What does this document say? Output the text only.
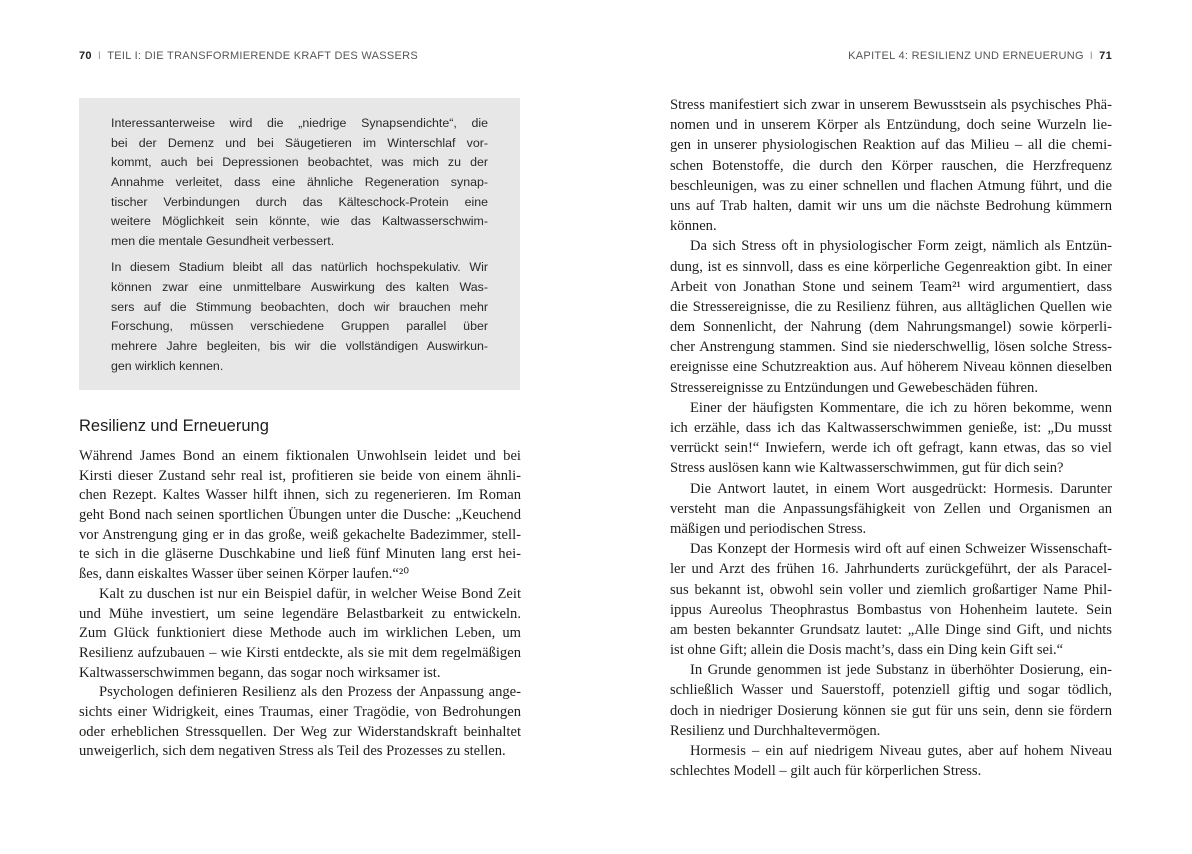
70 I TEIL I: DIE TRANSFORMIERENDE KRAFT DES WASSERS	KAPITEL 4: RESILIENZ UND ERNEUERUNG I 71
Interessanterweise wird die „niedrige Synapsendichte“, die
bei der Demenz und bei Säugetieren im Winterschlaf vor-
kommt, auch bei Depressionen beobachtet, was mich zu der
Annahme verleitet, dass eine ähnliche Regeneration synap-
tischer Verbindungen durch das Kälteschock-Protein eine
weitere Möglichkeit sein könnte, wie das Kaltwasserschwim-
men die mentale Gesundheit verbessert.
In diesem Stadium bleibt all das natürlich hochspekulativ. Wir
können zwar eine unmittelbare Auswirkung des kalten Was-
sers auf die Stimmung beobachten, doch wir brauchen mehr
Forschung, müssen verschiedene Gruppen parallel über
mehrere Jahre begleiten, bis wir die vollständigen Auswirkun-
gen wirklich kennen.
Resilienz und Erneuerung
Während James Bond an einem fiktionalen Unwohlsein leidet und bei
Kirsti dieser Zustand sehr real ist, profitieren sie beide von einem ähnli-
chen Rezept. Kaltes Wasser hilft ihnen, sich zu regenerieren. Im Roman
geht Bond nach seinen sportlichen Übungen unter die Dusche: „Keuchend
vor Anstrengung ging er in das große, weiß gekachelte Badezimmer, stell-
te sich in die gläserne Duschkabine und ließ fünf Minuten lang erst hei-
ßes, dann eiskaltes Wasser über seinen Körper laufen.“²⁰
Kalt zu duschen ist nur ein Beispiel dafür, in welcher Weise Bond Zeit
und Mühe investiert, um seine legendäre Belastbarkeit zu entwickeln.
Zum Glück funktioniert diese Methode auch im wirklichen Leben, um
Resilienz aufzubauen – wie Kirsti entdeckte, als sie mit dem regelmäßigen
Kaltwasserschwimmen begann, das sogar noch wirksamer ist.
Psychologen definieren Resilienz als den Prozess der Anpassung ange-
sichts einer Widrigkeit, eines Traumas, einer Tragödie, von Bedrohungen
oder erheblichen Stressquellen. Der Weg zur Widerstandskraft beinhaltet
unweigerlich, sich dem negativen Stress als Teil des Prozesses zu stellen.
Stress manifestiert sich zwar in unserem Bewusstsein als psychisches Phä-
nomen und in unserem Körper als Entzündung, doch seine Wurzeln lie-
gen in unserer physiologischen Reaktion auf das Milieu – all die chemi-
schen Botenstoffe, die durch den Körper rauschen, die Herzfrequenz
beschleunigen, was zu einer schnellen und flachen Atmung führt, und die
uns auf Trab halten, damit wir uns um die nächste Bedrohung kümmern
können.
Da sich Stress oft in physiologischer Form zeigt, nämlich als Entzün-
dung, ist es sinnvoll, dass es eine körperliche Gegenreaktion gibt. In einer
Arbeit von Jonathan Stone und seinem Team²¹ wird argumentiert, dass
die Stressereignisse, die zu Resilienz führen, aus alltäglichen Quellen wie
dem Sonnenlicht, der Nahrung (dem Nahrungsmangel) sowie körperli-
cher Anstrengung stammen. Sind sie niederschwellig, lösen solche Stress-
ereignisse eine Schutzreaktion aus. Auf höherem Niveau können dieselben
Stressereignisse zu Entzündungen und Gewebeschäden führen.
Einer der häufigsten Kommentare, die ich zu hören bekomme, wenn
ich erzähle, dass ich das Kaltwasserschwimmen genieße, ist: „Du musst
verrückt sein!“ Inwiefern, werde ich oft gefragt, kann etwas, das so viel
Stress auslösen kann wie Kaltwasserschwimmen, gut für dich sein?
Die Antwort lautet, in einem Wort ausgedrückt: Hormesis. Darunter
versteht man die Anpassungsfähigkeit von Zellen und Organismen an
mäßigen und periodischen Stress.
Das Konzept der Hormesis wird oft auf einen Schweizer Wissenschaft-
ler und Arzt des frühen 16. Jahrhunderts zurückgeführt, der als Paracel-
sus bekannt ist, obwohl sein voller und ziemlich großartiger Name Phil-
ippus Aureolus Theophrastus Bombastus von Hohenheim lautete. Sein
am besten bekannter Grundsatz lautet: „Alle Dinge sind Gift, und nichts
ist ohne Gift; allein die Dosis macht’s, dass ein Ding kein Gift sei.“
In Grunde genommen ist jede Substanz in überhöhter Dosierung, ein-
schließlich Wasser und Sauerstoff, potenziell giftig und sogar tödlich,
doch in niedriger Dosierung können sie gut für uns sein, denn sie fördern
Resilienz und Durchhaltevermögen.
Hormesis – ein auf niedrigem Niveau gutes, aber auf hohem Niveau
schlechtes Modell – gilt auch für körperlichen Stress.
